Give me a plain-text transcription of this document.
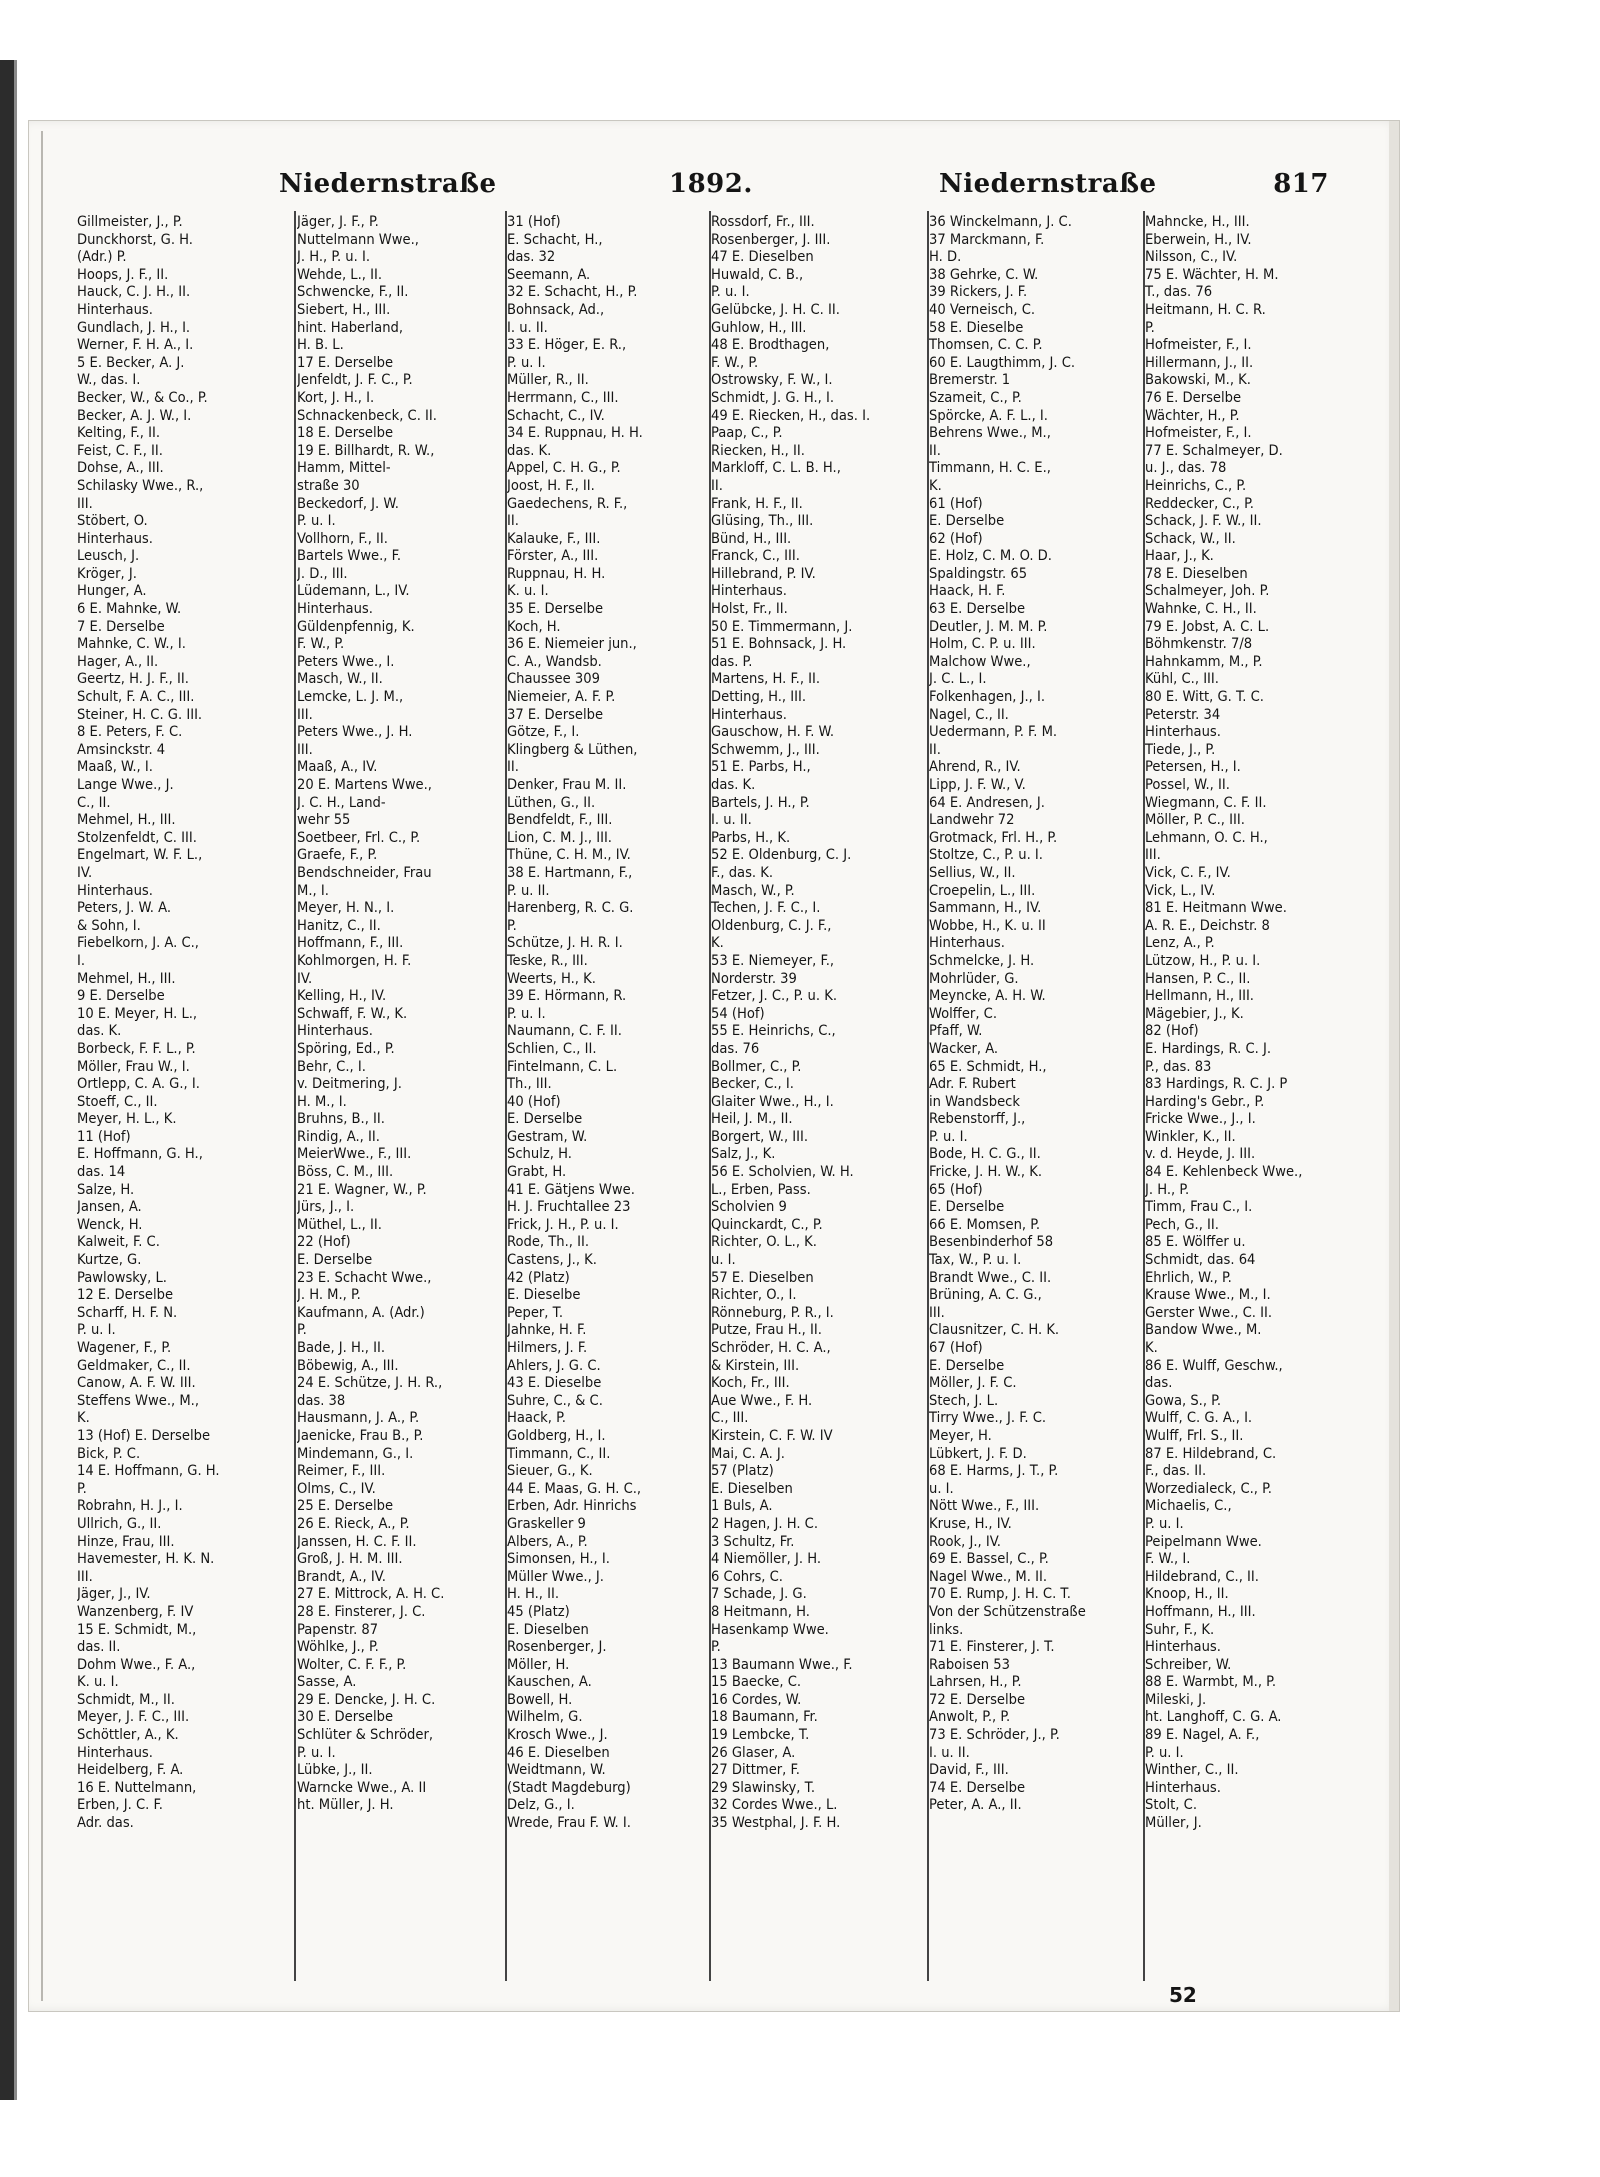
Niedernstraße	1892.	Niedernstraße	817
Gillmeister, J., P.
Dunckhorst, G. H.
(Adr.) P.
Hoops, J. F., II.
Hauck, C. J. H., II.
Hinterhaus.
Gundlach, J. H., I.
Werner, F. H. A., I.
5 E. Becker, A. J.
W., das. I.
Becker, W., & Co., P.
Becker, A. J. W., I.
Kelting, F., II.
Feist, C. F., II.
Dohse, A., III.
Schilasky Wwe., R.,
III.
Stöbert, O.
Hinterhaus.
Leusch, J.
Kröger, J.
Hunger, A.
6 E. Mahnke, W.
7 E. Derselbe
Mahnke, C. W., I.
Hager, A., II.
Geertz, H. J. F., II.
Schult, F. A. C., III.
Steiner, H. C. G. III.
8 E. Peters, F. C.
Amsinckstr. 4
Maaß, W., I.
Lange Wwe., J.
C., II.
Mehmel, H., III.
Stolzenfeldt, C. III.
Engelmart, W. F. L.,
IV.
Hinterhaus.
Peters, J. W. A.
& Sohn, I.
Fiebelkorn, J. A. C.,
I.
Mehmel, H., III.
9 E. Derselbe
10 E. Meyer, H. L.,
das. K.
Borbeck, F. F. L., P.
Möller, Frau W., I.
Ortlepp, C. A. G., I.
Stoeff, C., II.
Meyer, H. L., K.
11 (Hof)
E. Hoffmann, G. H.,
das. 14
Salze, H.
Jansen, A.
Wenck, H.
Kalweit, F. C.
Kurtze, G.
Pawlowsky, L.
12 E. Derselbe
Scharff, H. F. N.
P. u. I.
Wagener, F., P.
Geldmaker, C., II.
Canow, A. F. W. III.
Steffens Wwe., M.,
K.
13 (Hof) E. Derselbe
Bick, P. C.
14 E. Hoffmann, G. H.
P.
Robrahn, H. J., I.
Ullrich, G., II.
Hinze, Frau, III.
Havemester, H. K. N.
III.
Jäger, J., IV.
Wanzenberg, F. IV
15 E. Schmidt, M.,
das. II.
Dohm Wwe., F. A.,
K. u. I.
Schmidt, M., II.
Meyer, J. F. C., III.
Schöttler, A., K.
Hinterhaus.
Heidelberg, F. A.
16 E. Nuttelmann,
Erben, J. C. F.
Adr. das.
Jäger, J. F., P.
Nuttelmann Wwe.,
J. H., P. u. I.
Wehde, L., II.
Schwencke, F., II.
Siebert, H., III.
hint. Haberland,
H. B. L.
17 E. Derselbe
Jenfeldt, J. F. C., P.
Kort, J. H., I.
Schnackenbeck, C. II.
18 E. Derselbe
19 E. Billhardt, R. W.,
Hamm, Mittel-
straße 30
Beckedorf, J. W.
P. u. I.
Vollhorn, F., II.
Bartels Wwe., F.
J. D., III.
Lüdemann, L., IV.
Hinterhaus.
Güldenpfennig, K.
F. W., P.
Peters Wwe., I.
Masch, W., II.
Lemcke, L. J. M.,
III.
Peters Wwe., J. H.
III.
Maaß, A., IV.
20 E. Martens Wwe.,
J. C. H., Land-
wehr 55
Soetbeer, Frl. C., P.
Graefe, F., P.
Bendschneider, Frau
M., I.
Meyer, H. N., I.
Hanitz, C., II.
Hoffmann, F., III.
Kohlmorgen, H. F.
IV.
Kelling, H., IV.
Schwaff, F. W., K.
Hinterhaus.
Spöring, Ed., P.
Behr, C., I.
v. Deitmering, J.
H. M., I.
Bruhns, B., II.
Rindig, A., II.
MeierWwe., F., III.
Böss, C. M., III.
21 E. Wagner, W., P.
Jürs, J., I.
Müthel, L., II.
22 (Hof)
E. Derselbe
23 E. Schacht Wwe.,
J. H. M., P.
Kaufmann, A. (Adr.)
P.
Bade, J. H., II.
Böbewig, A., III.
24 E. Schütze, J. H. R.,
das. 38
Hausmann, J. A., P.
Jaenicke, Frau B., P.
Mindemann, G., I.
Reimer, F., III.
Olms, C., IV.
25 E. Derselbe
26 E. Rieck, A., P.
Janssen, H. C. F. II.
Groß, J. H. M. III.
Brandt, A., IV.
27 E. Mittrock, A. H. C.
28 E. Finsterer, J. C.
Papenstr. 87
Wöhlke, J., P.
Wolter, C. F. F., P.
Sasse, A.
29 E. Dencke, J. H. C.
30 E. Derselbe
Schlüter & Schröder,
P. u. I.
Lübke, J., II.
Warncke Wwe., A. II
ht. Müller, J. H.
31 (Hof)
E. Schacht, H.,
das. 32
Seemann, A.
32 E. Schacht, H., P.
Bohnsack, Ad.,
I. u. II.
33 E. Höger, E. R.,
P. u. I.
Müller, R., II.
Herrmann, C., III.
Schacht, C., IV.
34 E. Ruppnau, H. H.
das. K.
Appel, C. H. G., P.
Joost, H. F., II.
Gaedechens, R. F.,
II.
Kalauke, F., III.
Förster, A., III.
Ruppnau, H. H.
K. u. I.
35 E. Derselbe
Koch, H.
36 E. Niemeier jun.,
C. A., Wandsb.
Chaussee 309
Niemeier, A. F. P.
37 E. Derselbe
Götze, F., I.
Klingberg & Lüthen,
II.
Denker, Frau M. II.
Lüthen, G., II.
Bendfeldt, F., III.
Lion, C. M. J., III.
Thüne, C. H. M., IV.
38 E. Hartmann, F.,
P. u. II.
Harenberg, R. C. G.
P.
Schütze, J. H. R. I.
Teske, R., III.
Weerts, H., K.
39 E. Hörmann, R.
P. u. I.
Naumann, C. F. II.
Schlien, C., II.
Fintelmann, C. L.
Th., III.
40 (Hof)
E. Derselbe
Gestram, W.
Schulz, H.
Grabt, H.
41 E. Gätjens Wwe.
H. J. Fruchtallee 23
Frick, J. H., P. u. I.
Rode, Th., II.
Castens, J., K.
42 (Platz)
E. Dieselbe
Peper, T.
Jahnke, H. F.
Hilmers, J. F.
Ahlers, J. G. C.
43 E. Dieselbe
Suhre, C., & C.
Haack, P.
Goldberg, H., I.
Timmann, C., II.
Sieuer, G., K.
44 E. Maas, G. H. C.,
Erben, Adr. Hinrichs
Graskeller 9
Albers, A., P.
Simonsen, H., I.
Müller Wwe., J.
H. H., II.
45 (Platz)
E. Dieselben
Rosenberger, J.
Möller, H.
Kauschen, A.
Bowell, H.
Wilhelm, G.
Krosch Wwe., J.
46 E. Dieselben
Weidtmann, W.
(Stadt Magdeburg)
Delz, G., I.
Wrede, Frau F. W. I.
Rossdorf, Fr., III.
Rosenberger, J. III.
47 E. Dieselben
Huwald, C. B.,
P. u. I.
Gelübcke, J. H. C. II.
Guhlow, H., III.
48 E. Brodthagen,
F. W., P.
Ostrowsky, F. W., I.
Schmidt, J. G. H., I.
49 E. Riecken, H., das. I.
Paap, C., P.
Riecken, H., II.
Markloff, C. L. B. H.,
II.
Frank, H. F., II.
Glüsing, Th., III.
Bünd, H., III.
Franck, C., III.
Hillebrand, P. IV.
Hinterhaus.
Holst, Fr., II.
50 E. Timmermann, J.
51 E. Bohnsack, J. H.
das. P.
Martens, H. F., II.
Detting, H., III.
Hinterhaus.
Gauschow, H. F. W.
Schwemm, J., III.
51 E. Parbs, H.,
das. K.
Bartels, J. H., P.
I. u. II.
Parbs, H., K.
52 E. Oldenburg, C. J.
F., das. K.
Masch, W., P.
Techen, J. F. C., I.
Oldenburg, C. J. F.,
K.
53 E. Niemeyer, F.,
Norderstr. 39
Fetzer, J. C., P. u. K.
54 (Hof)
55 E. Heinrichs, C.,
das. 76
Bollmer, C., P.
Becker, C., I.
Glaiter Wwe., H., I.
Heil, J. M., II.
Borgert, W., III.
Salz, J., K.
56 E. Scholvien, W. H.
L., Erben, Pass.
Scholvien 9
Quinckardt, C., P.
Richter, O. L., K.
u. I.
57 E. Dieselben
Richter, O., I.
Rönneburg, P. R., I.
Putze, Frau H., II.
Schröder, H. C. A.,
& Kirstein, III.
Koch, Fr., III.
Aue Wwe., F. H.
C., III.
Kirstein, C. F. W. IV
Mai, C. A. J.
57 (Platz)
E. Dieselben
1 Buls, A.
2 Hagen, J. H. C.
3 Schultz, Fr.
4 Niemöller, J. H.
6 Cohrs, C.
7 Schade, J. G.
8 Heitmann, H.
Hasenkamp Wwe.
P.
13 Baumann Wwe., F.
15 Baecke, C.
16 Cordes, W.
18 Baumann, Fr.
19 Lembcke, T.
26 Glaser, A.
27 Dittmer, F.
29 Slawinsky, T.
32 Cordes Wwe., L.
35 Westphal, J. F. H.
36 Winckelmann, J. C.
37 Marckmann, F.
H. D.
38 Gehrke, C. W.
39 Rickers, J. F.
40 Verneisch, C.
58 E. Dieselbe
Thomsen, C. C. P.
60 E. Laugthimm, J. C.
Bremerstr. 1
Szameit, C., P.
Spörcke, A. F. L., I.
Behrens Wwe., M.,
II.
Timmann, H. C. E.,
K.
61 (Hof)
E. Derselbe
62 (Hof)
E. Holz, C. M. O. D.
Spaldingstr. 65
Haack, H. F.
63 E. Derselbe
Deutler, J. M. M. P.
Holm, C. P. u. III.
Malchow Wwe.,
J. C. L., I.
Folkenhagen, J., I.
Nagel, C., II.
Uedermann, P. F. M.
II.
Ahrend, R., IV.
Lipp, J. F. W., V.
64 E. Andresen, J.
Landwehr 72
Grotmack, Frl. H., P.
Stoltze, C., P. u. I.
Sellius, W., II.
Croepelin, L., III.
Sammann, H., IV.
Wobbe, H., K. u. II
Hinterhaus.
Schmelcke, J. H.
Mohrlüder, G.
Meyncke, A. H. W.
Wolffer, C.
Pfaff, W.
Wacker, A.
65 E. Schmidt, H.,
Adr. F. Rubert
in Wandsbeck
Rebenstorff, J.,
P. u. I.
Bode, H. C. G., II.
Fricke, J. H. W., K.
65 (Hof)
E. Derselbe
66 E. Momsen, P.
Besenbinderhof 58
Tax, W., P. u. I.
Brandt Wwe., C. II.
Brüning, A. C. G.,
III.
Clausnitzer, C. H. K.
67 (Hof)
E. Derselbe
Möller, J. F. C.
Stech, J. L.
Tirry Wwe., J. F. C.
Meyer, H.
Lübkert, J. F. D.
68 E. Harms, J. T., P.
u. I.
Nött Wwe., F., III.
Kruse, H., IV.
Rook, J., IV.
69 E. Bassel, C., P.
Nagel Wwe., M. II.
70 E. Rump, J. H. C. T.
Von der Schützenstraße
links.
71 E. Finsterer, J. T.
Raboisen 53
Lahrsen, H., P.
72 E. Derselbe
Anwolt, P., P.
73 E. Schröder, J., P.
I. u. II.
David, F., III.
74 E. Derselbe
Peter, A. A., II.
Mahncke, H., III.
Eberwein, H., IV.
Nilsson, C., IV.
75 E. Wächter, H. M.
T., das. 76
Heitmann, H. C. R.
P.
Hofmeister, F., I.
Hillermann, J., II.
Bakowski, M., K.
76 E. Derselbe
Wächter, H., P.
Hofmeister, F., I.
77 E. Schalmeyer, D.
u. J., das. 78
Heinrichs, C., P.
Reddecker, C., P.
Schack, J. F. W., II.
Schack, W., II.
Haar, J., K.
78 E. Dieselben
Schalmeyer, Joh. P.
Wahnke, C. H., II.
79 E. Jobst, A. C. L.
Böhmkenstr. 7/8
Hahnkamm, M., P.
Kühl, C., III.
80 E. Witt, G. T. C.
Peterstr. 34
Hinterhaus.
Tiede, J., P.
Petersen, H., I.
Possel, W., II.
Wiegmann, C. F. II.
Möller, P. C., III.
Lehmann, O. C. H.,
III.
Vick, C. F., IV.
Vick, L., IV.
81 E. Heitmann Wwe.
A. R. E., Deichstr. 8
Lenz, A., P.
Lützow, H., P. u. I.
Hansen, P. C., II.
Hellmann, H., III.
Mägebier, J., K.
82 (Hof)
E. Hardings, R. C. J.
P., das. 83
83 Hardings, R. C. J. P
Harding's Gebr., P.
Fricke Wwe., J., I.
Winkler, K., II.
v. d. Heyde, J. III.
84 E. Kehlenbeck Wwe.,
J. H., P.
Timm, Frau C., I.
Pech, G., II.
85 E. Wölffer u.
Schmidt, das. 64
Ehrlich, W., P.
Krause Wwe., M., I.
Gerster Wwe., C. II.
Bandow Wwe., M.
K.
86 E. Wulff, Geschw.,
das.
Gowa, S., P.
Wulff, C. G. A., I.
Wulff, Frl. S., II.
87 E. Hildebrand, C.
F., das. II.
Worzedialeck, C., P.
Michaelis, C.,
P. u. I.
Peipelmann Wwe.
F. W., I.
Hildebrand, C., II.
Knoop, H., II.
Hoffmann, H., III.
Suhr, F., K.
Hinterhaus.
Schreiber, W.
88 E. Warmbt, M., P.
Mileski, J.
ht. Langhoff, C. G. A.
89 E. Nagel, A. F.,
P. u. I.
Winther, C., II.
Hinterhaus.
Stolt, C.
Müller, J.
52
